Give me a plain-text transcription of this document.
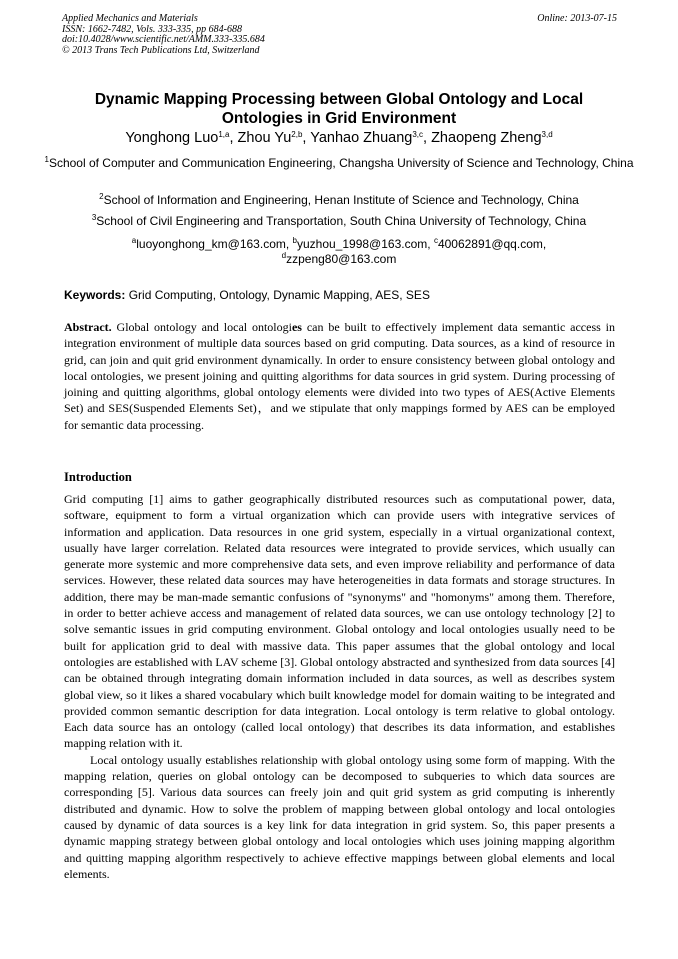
Applied Mechanics and Materials
ISSN: 1662-7482, Vols. 333-335, pp 684-688
doi:10.4028/www.scientific.net/AMM.333-335.684
© 2013 Trans Tech Publications Ltd, Switzerland
Online: 2013-07-15
Dynamic Mapping Processing between Global Ontology and Local
Ontologies in Grid Environment
Yonghong Luo$^{1,a}$, Zhou Yu$^{2,b}$, Yanhao Zhuang$^{3,c}$, Zhaopeng Zheng$^{3,d}$
$^1$School of Computer and Communication Engineering, Changsha University of Science and Technology, China
$^2$School of Information and Engineering, Henan Institute of Science and Technology, China
$^3$School of Civil Engineering and Transportation, South China University of Technology, China
$^a$luoyonghong_km@163.com, $^b$yuzhou_1998@163.com, $^c$40062891@qq.com,
$^d$zzpeng80@163.com
Keywords: Grid Computing, Ontology, Dynamic Mapping, AES, SES
Abstract. Global ontology and local ontologies can be built to effectively implement data semantic access in integration environment of multiple data sources based on grid computing. Data sources, as a kind of resource in grid, can join and quit grid environment dynamically. In order to ensure consistency between global ontology and local ontologies, we present joining and quitting algorithms for data sources in grid system. During processing of joining and quitting algorithms, global ontology elements were divided into two types of AES(Active Elements Set) and SES(Suspended Elements Set)，and we stipulate that only mappings formed by AES can be employed for semantic data processing.
Introduction

Grid computing [1] aims to gather geographically distributed resources such as computational power, data, software, equipment to form a virtual organization which can provide users with integrative services of information and application. Data resources in one grid system, especially in a virtual organizational context, usually have larger correlation. Related data resources were integrated to provide services, which usually can generate more systemic and more comprehensive data sets, and even improve reliability and performance of data services. However, these related data sources may have heterogeneities in data formats and storage structures. In addition, there may be man-made semantic confusions of "synonyms" and "homonyms" among them. Therefore, in order to better achieve access and management of related data sources, we can use ontology technology [2] to solve semantic issues in grid computing environment. Global ontology and local ontologies usually need to be built for application grid to deal with massive data. This paper assumes that the global ontology and local ontologies are established with LAV scheme [3]. Global ontology abstracted and synthesized from data sources [4] can be obtained through integrating domain information included in data sources, as well as describes system global view, so it likes a shared vocabulary which built knowledge model for domain waiting to be integrated and provided common semantic description for data integration. Local ontology is term relative to global ontology. Each data source has an ontology (called local ontology) that describes its data information, and establishes mapping relation with it.

Local ontology usually establishes relationship with global ontology using some form of mapping. With the mapping relation, queries on global ontology can be decomposed to subqueries to which data sources are corresponding [5]. Various data sources can freely join and quit grid system as grid computing is inherently distributed and dynamic. How to solve the problem of mapping between global ontology and local ontologies caused by dynamic of data sources is a key link for data integration in grid system. So, this paper presents a dynamic mapping strategy between global ontology and local ontologies which uses joining mapping algorithm and quitting mapping algorithm respectively to achieve effective mappings between global elements and local elements.
